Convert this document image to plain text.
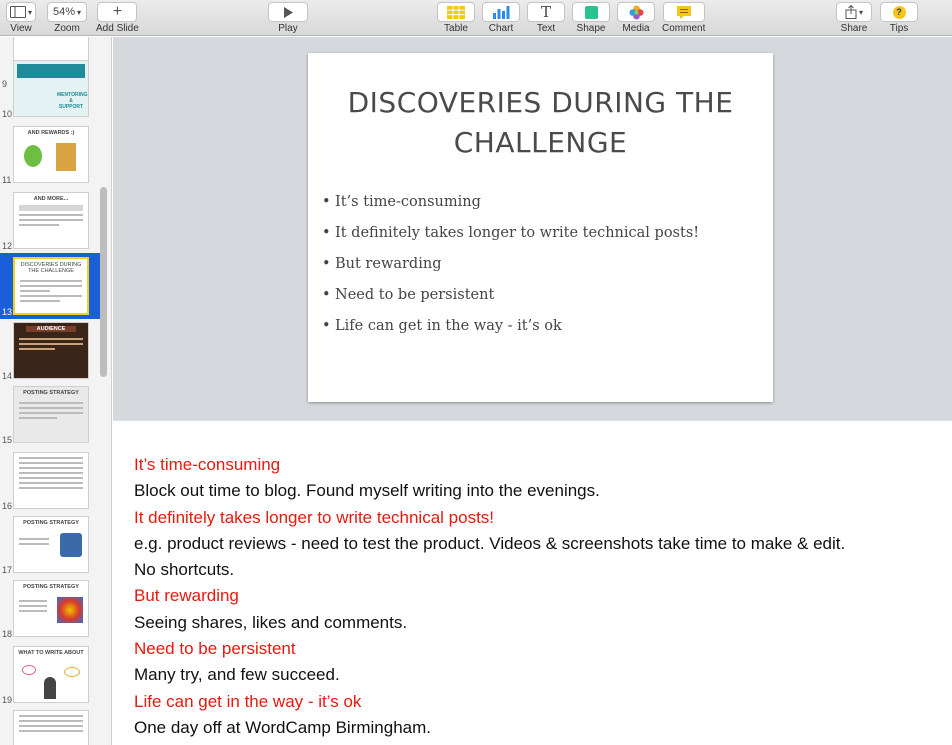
▾
View
54% ▾
Zoom
+
Add Slide	Play	Table Chart
T
Text Shape Media Comment
▾
Share
?
Tips
9
MENTORING & SUPPORT
10
AND REWARDS :)
11
AND MORE...
12
DISCOVERIES DURING THE CHALLENGE
13
AUDIENCE
14
POSTING STRATEGY
15
16
POSTING STRATEGY
17
POSTING STRATEGY
18
WHAT TO WRITE ABOUT
19
DISCOVERIES DURING THE
CHALLENGE
• It’s time-consuming
• It definitely takes longer to write technical posts!
• But rewarding
• Need to be persistent
• Life can get in the way - it’s ok
It’s time-consuming
Block out time to blog. Found myself writing into the evenings.
It definitely takes longer to write technical posts!
e.g. product reviews - need to test the product. Videos & screenshots take time to make & edit.
No shortcuts.
But rewarding
Seeing shares, likes and comments.
Need to be persistent
Many try, and few succeed.
Life can get in the way - it’s ok
One day off at WordCamp Birmingham.
